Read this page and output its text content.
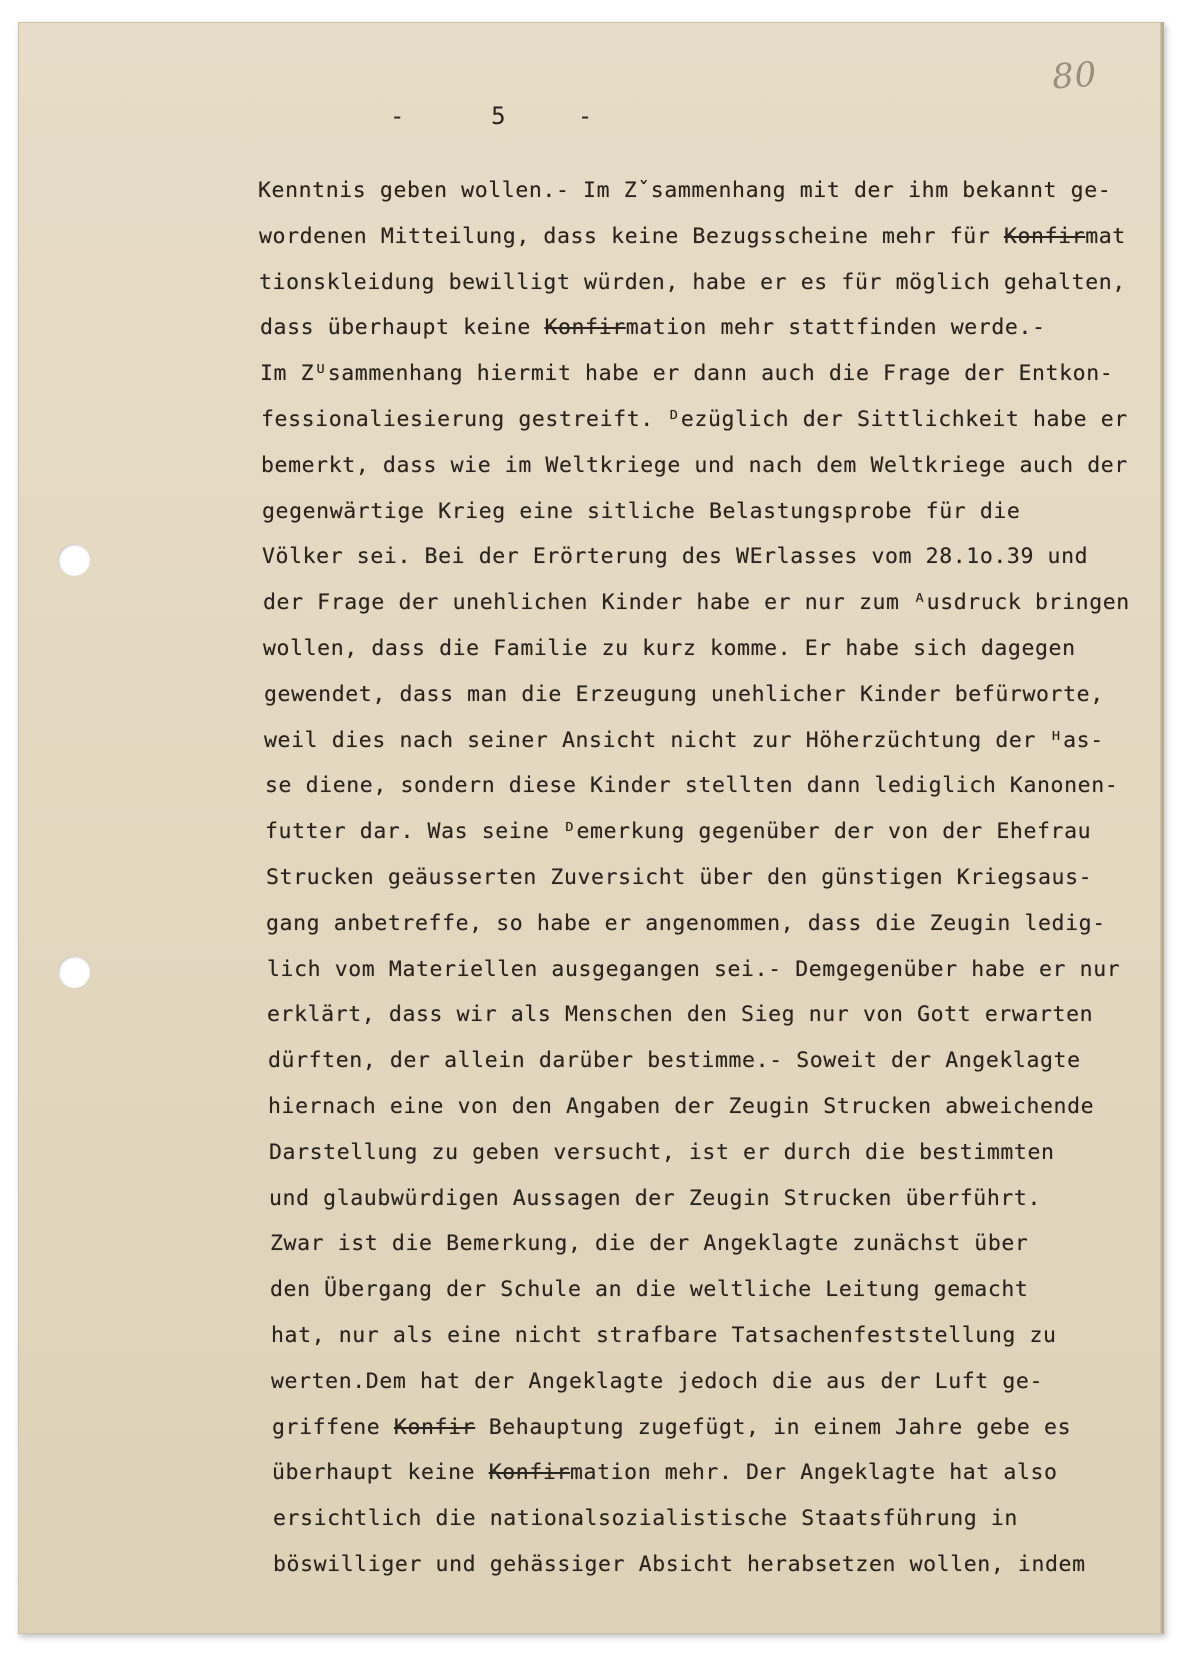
80
-      5     -
Kenntnis geben wollen.- Im Zˇsammenhang mit der ihm bekannt ge-
wordenen Mitteilung, dass keine Bezugsscheine mehr für Konfirmat
tionskleidung bewilligt würden, habe er es für möglich gehalten,
dass überhaupt keine Konfirmation mehr stattfinden werde.-
Im Zᵁsammenhang hiermit habe er dann auch die Frage der Entkon-
fessionaliesierung gestreift. ᴰezüglich der Sittlichkeit habe er
bemerkt, dass wie im Weltkriege und nach dem Weltkriege auch der
gegenwärtige Krieg eine sitliche Belastungsprobe für die
Völker sei. Bei der Erörterung des WErlasses vom 28.1o.39 und
der Frage der unehlichen Kinder habe er nur zum ᴬusdruck bringen
wollen, dass die Familie zu kurz komme. Er habe sich dagegen
gewendet, dass man die Erzeugung unehlicher Kinder befürworte,
weil dies nach seiner Ansicht nicht zur Höherzüchtung der ᴴas-
se diene, sondern diese Kinder stellten dann lediglich Kanonen-
futter dar. Was seine ᴰemerkung gegenüber der von der Ehefrau
Strucken geäusserten Zuversicht über den günstigen Kriegsaus-
gang anbetreffe, so habe er angenommen, dass die Zeugin ledig-
lich vom Materiellen ausgegangen sei.- Demgegenüber habe er nur
erklärt, dass wir als Menschen den Sieg nur von Gott erwarten
dürften, der allein darüber bestimme.- Soweit der Angeklagte
hiernach eine von den Angaben der Zeugin Strucken abweichende
Darstellung zu geben versucht, ist er durch die bestimmten
und glaubwürdigen Aussagen der Zeugin Strucken überführt.
Zwar ist die Bemerkung, die der Angeklagte zunächst über
den Übergang der Schule an die weltliche Leitung gemacht
hat, nur als eine nicht strafbare Tatsachenfeststellung zu
werten.Dem hat der Angeklagte jedoch die aus der Luft ge-
griffene Konfir Behauptung zugefügt, in einem Jahre gebe es
überhaupt keine Konfirmation mehr. Der Angeklagte hat also
ersichtlich die nationalsozialistische Staatsführung in
böswilliger und gehässiger Absicht herabsetzen wollen, indem
